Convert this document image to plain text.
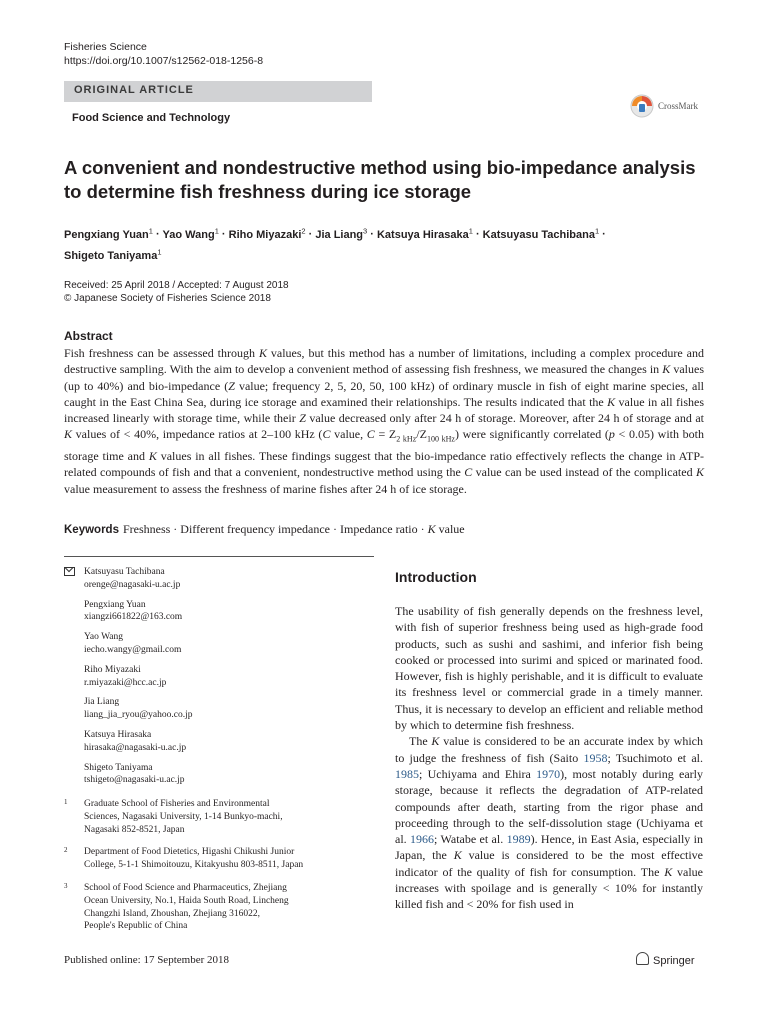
Fisheries Science
https://doi.org/10.1007/s12562-018-1256-8
ORIGINAL ARTICLE
Food Science and Technology
CrossMark
A convenient and nondestructive method using bio-impedance analysis to determine fish freshness during ice storage
Pengxiang Yuan$^1$ · Yao Wang$^1$ · Riho Miyazaki$^2$ · Jia Liang$^3$ · Katsuya Hirasaka$^1$ · Katsuyasu Tachibana$^1$ ·
Shigeto Taniyama$^1$
Received: 25 April 2018 / Accepted: 7 August 2018
© Japanese Society of Fisheries Science 2018
Abstract
Fish freshness can be assessed through K values, but this method has a number of limitations, including a complex procedure and destructive sampling. With the aim to develop a convenient method of assessing fish freshness, we measured the changes in K values (up to 40%) and bio-impedance (Z value; frequency 2, 5, 20, 50, 100 kHz) of ordinary muscle in fish of eight marine species, all caught in the East China Sea, during ice storage and examined their relationships. The results indicated that the K value in all fishes increased linearly with storage time, while their Z value decreased only after 24 h of storage. Moreover, after 24 h of storage and at K values of < 40%, impedance ratios at 2–100 kHz (C value, $C = Z_{2 kHz}/Z_{100 kHz}$) were significantly correlated (p < 0.05) with both storage time and K values in all fishes. These findings suggest that the bio-impedance ratio effectively reflects the change in ATP-related compounds of fish and that a convenient, nondestructive method using the C value can be used instead of the complicated K value measurement to assess the freshness of marine fishes after 24 h of ice storage.
Keywords Freshness · Different frequency impedance · Impedance ratio · K value
Katsuyasu Tachibana
orenge@nagasaki-u.ac.jp
Pengxiang Yuan
xiangzi661822@163.com
Yao Wang
iecho.wangy@gmail.com
Riho Miyazaki
r.miyazaki@hcc.ac.jp
Jia Liang
liang_jia_ryou@yahoo.co.jp
Katsuya Hirasaka
hirasaka@nagasaki-u.ac.jp
Shigeto Taniyama
tshigeto@nagasaki-u.ac.jp
1 Graduate School of Fisheries and Environmental
Sciences, Nagasaki University, 1-14 Bunkyo-machi,
Nagasaki 852-8521, Japan
2 Department of Food Dietetics, Higashi Chikushi Junior
College, 5-1-1 Shimoitouzu, Kitakyushu 803-8511, Japan
3 School of Food Science and Pharmaceutics, Zhejiang
Ocean University, No.1, Haida South Road, Lincheng
Changzhi Island, Zhoushan, Zhejiang 316022,
People's Republic of China
Introduction

The usability of fish generally depends on the freshness level, with fish of superior freshness being used as high-grade food products, such as sushi and sashimi, and inferior fish being cooked or processed into surimi and spiced or marinated food. However, fish is highly perishable, and it is difficult to evaluate its freshness level or commercial grade in a timely manner. Thus, it is necessary to develop an efficient and reliable method by which to determine fish freshness.

The K value is considered to be an accurate index by which to judge the freshness of fish (Saito 1958; Tsuchimoto et al. 1985; Uchiyama and Ehira 1970), most notably during early storage, because it reflects the degradation of ATP-related compounds after death, starting from the rigor phase and proceeding through to the self-dissolution stage (Uchiyama et al. 1966; Watabe et al. 1989). Hence, in East Asia, especially in Japan, the K value is considered to be the most effective indicator of the quality of fish for consumption. The K value increases with spoilage and is generally < 10% for instantly killed fish and < 20% for fish used in

Published online: 17 September 2018	Springer
